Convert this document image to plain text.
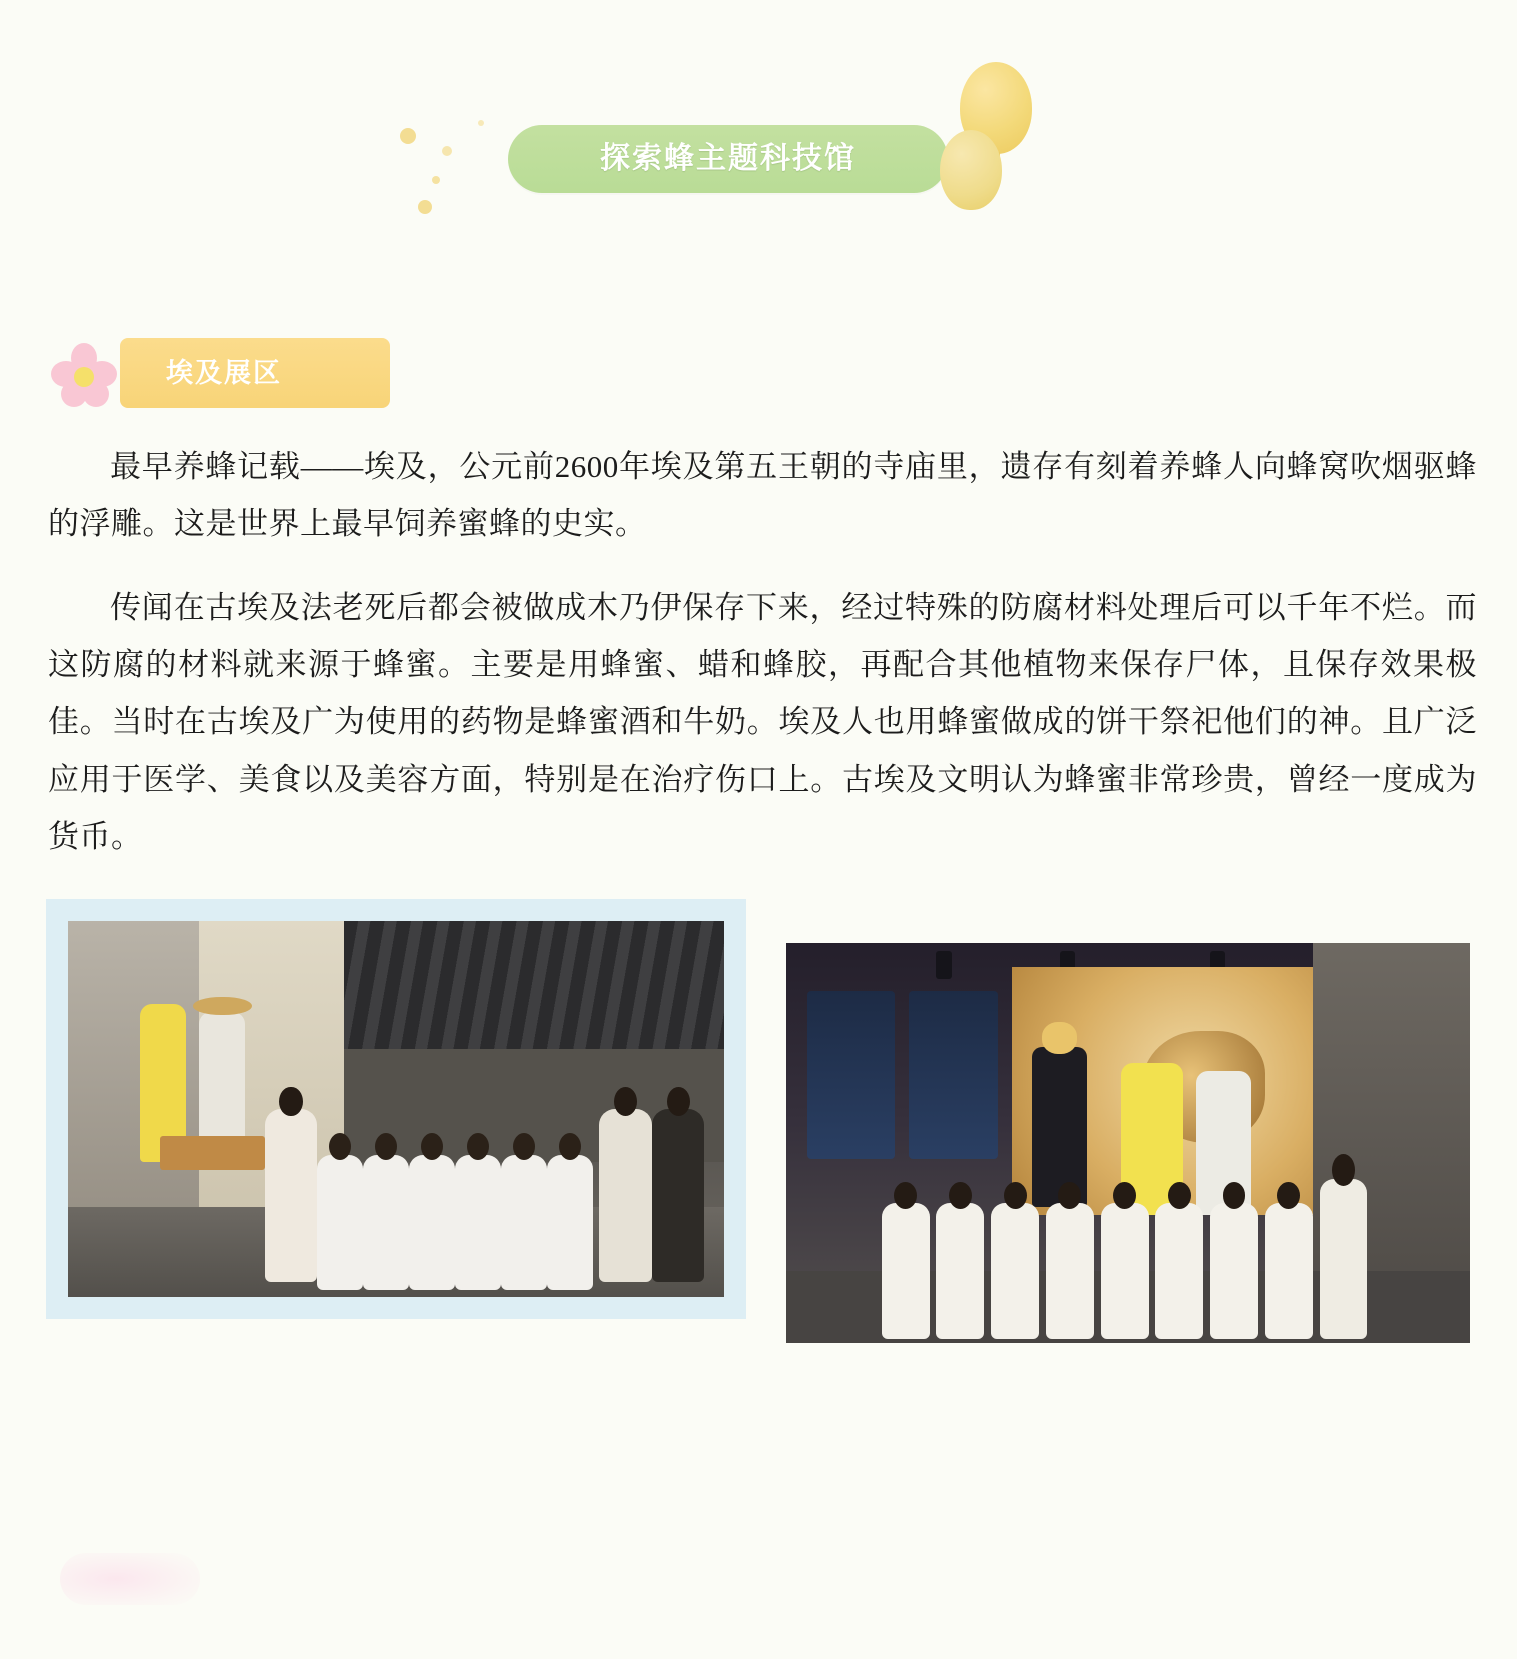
探索蜂主题科技馆
埃及展区

最早养蜂记载——埃及，公元前2600年埃及第五王朝的寺庙里，遗存有刻着养蜂人向蜂窝吹烟驱蜂的浮雕。这是世界上最早饲养蜜蜂的史实。

传闻在古埃及法老死后都会被做成木乃伊保存下来，经过特殊的防腐材料处理后可以千年不烂。而这防腐的材料就来源于蜂蜜。主要是用蜂蜜、蜡和蜂胶，再配合其他植物来保存尸体，且保存效果极佳。当时在古埃及广为使用的药物是蜂蜜酒和牛奶。埃及人也用蜂蜜做成的饼干祭祀他们的神。且广泛应用于医学、美食以及美容方面，特别是在治疗伤口上。古埃及文明认为蜂蜜非常珍贵，曾经一度成为货币。
